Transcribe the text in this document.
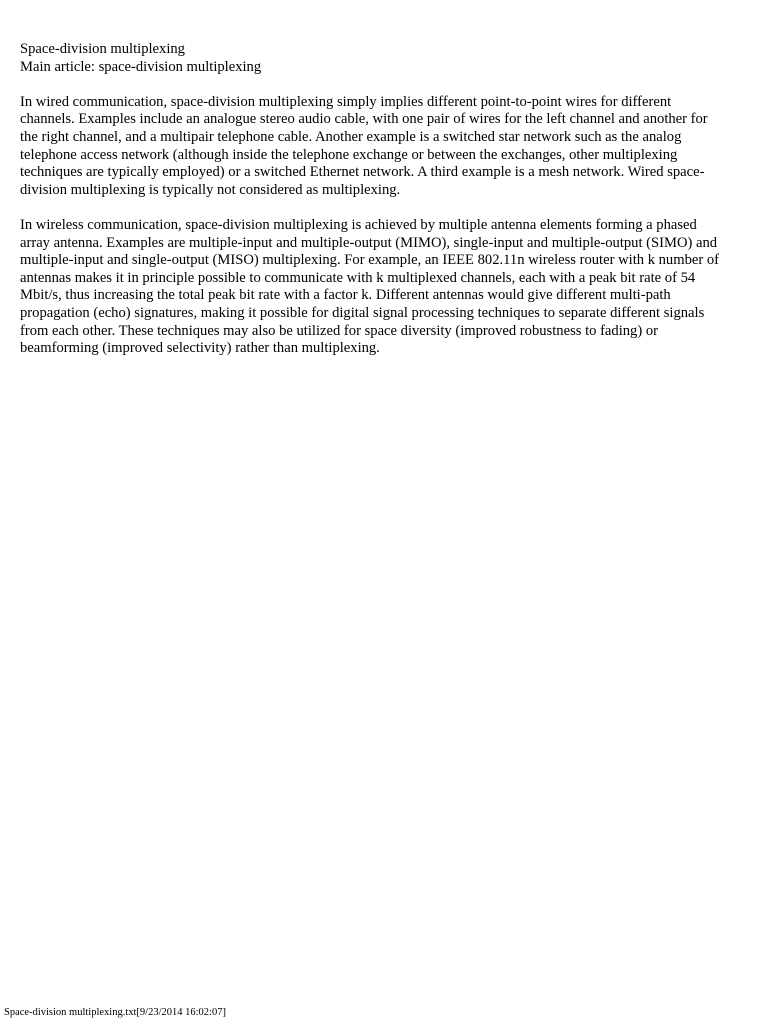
Space-division multiplexing
Main article: space-division multiplexing
In wired communication, space-division multiplexing simply implies different point-to-point wires for different
channels. Examples include an analogue stereo audio cable, with one pair of wires for the left channel and another for
the right channel, and a multipair telephone cable. Another example is a switched star network such as the analog
telephone access network (although inside the telephone exchange or between the exchanges, other multiplexing
techniques are typically employed) or a switched Ethernet network. A third example is a mesh network. Wired space-
division multiplexing is typically not considered as multiplexing.
In wireless communication, space-division multiplexing is achieved by multiple antenna elements forming a phased
array antenna. Examples are multiple-input and multiple-output (MIMO), single-input and multiple-output (SIMO) and
multiple-input and single-output (MISO) multiplexing. For example, an IEEE 802.11n wireless router with k number of
antennas makes it in principle possible to communicate with k multiplexed channels, each with a peak bit rate of 54
Mbit/s, thus increasing the total peak bit rate with a factor k. Different antennas would give different multi-path
propagation (echo) signatures, making it possible for digital signal processing techniques to separate different signals
from each other. These techniques may also be utilized for space diversity (improved robustness to fading) or
beamforming (improved selectivity) rather than multiplexing.
Space-division multiplexing.txt[9/23/2014 16:02:07]
